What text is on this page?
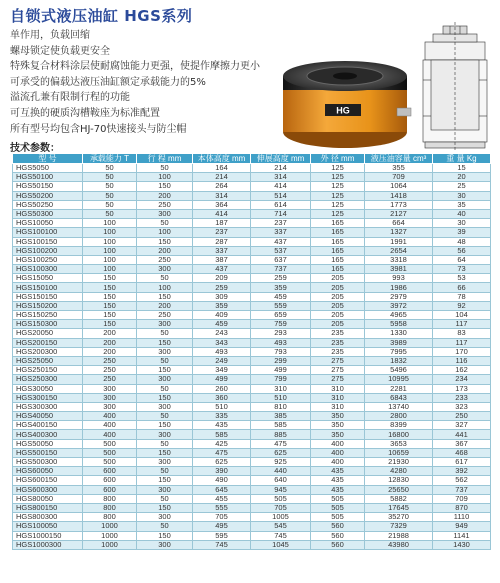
自锁式液压油缸 HGS系列
单作用，负载回缩
螺母锁定使负载更安全
特殊复合材料涂层使耐腐蚀能力更强，使提作摩擦力更小
可承受的偏载达液压油缸额定承载能力的5%
溢流孔兼有限制行程的功能
可互换的硬质沟槽鞍座为标准配置
所有型号均包含HJ-70快速接头与防尘帽
HG
技术参数：
型 号	承载能力 T	行 程 mm	本体高度 mm	伸展高度 mm	外 径 mm	液压油容量 cm³	重 量 Kg
HGS5050	50	50	164	214	125	355	15
HGS50100	50	100	214	314	125	709	20
HGS50150	50	150	264	414	125	1064	25
HGS50200	50	200	314	514	125	1418	30
HGS50250	50	250	364	614	125	1773	35
HGS50300	50	300	414	714	125	2127	40
HGS10050	100	50	187	237	165	664	30
HGS100100	100	100	237	337	165	1327	39
HGS100150	100	150	287	437	165	1991	48
HGS100200	100	200	337	537	165	2654	56
HGS100250	100	250	387	637	165	3318	64
HGS100300	100	300	437	737	165	3981	73
HGS15050	150	50	209	259	205	993	53
HGS150100	150	100	259	359	205	1986	66
HGS150150	150	150	309	459	205	2979	78
HGS150200	150	200	359	559	205	3972	92
HGS150250	150	250	409	659	205	4965	104
HGS150300	150	300	459	759	205	5958	117
HGS20050	200	50	243	293	235	1330	83
HGS200150	200	150	343	493	235	3989	117
HGS200300	200	300	493	793	235	7995	170
HGS25050	250	50	249	299	275	1832	116
HGS250150	250	150	349	499	275	5496	162
HGS250300	250	300	499	799	275	10995	234
HGS30050	300	50	260	310	310	2281	173
HGS300150	300	150	360	510	310	6843	233
HGS300300	300	300	510	810	310	13740	323
HGS40050	400	50	335	385	350	2800	250
HGS400150	400	150	435	585	350	8399	327
HGS400300	400	300	585	885	350	16800	441
HGS50050	500	50	425	475	400	3653	367
HGS500150	500	150	475	625	400	10659	468
HGS500300	500	300	625	925	400	21930	617
HGS60050	600	50	390	440	435	4280	392
HGS600150	600	150	490	640	435	12830	562
HGS600300	600	300	645	945	435	25650	737
HGS80050	800	50	455	505	505	5882	709
HGS800150	800	150	555	705	505	17645	870
HGS800300	800	300	705	1005	505	35270	1110
HGS100050	1000	50	495	545	560	7329	949
HGS1000150	1000	150	595	745	560	21988	1141
HGS1000300	1000	300	745	1045	560	43980	1430
